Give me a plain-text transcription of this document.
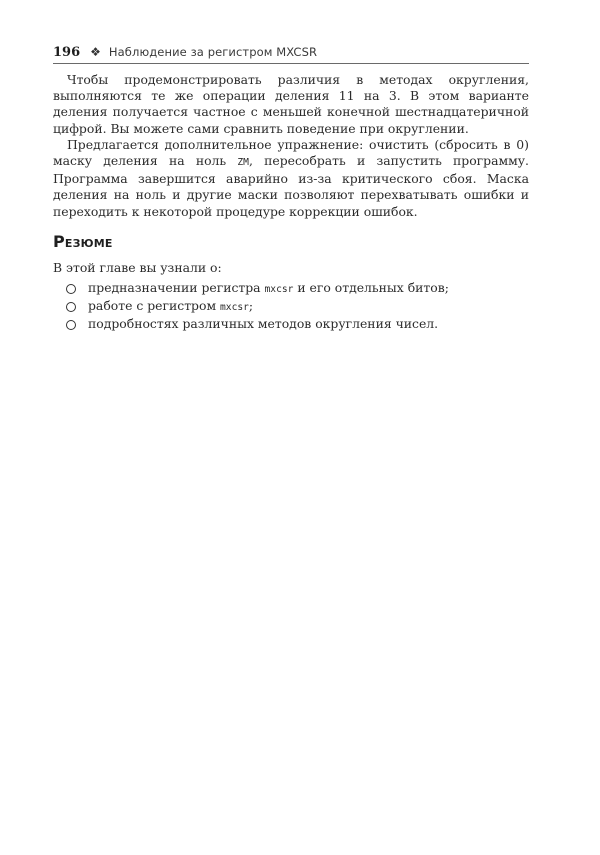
196 ❖ Наблюдение за регистром MXCSR

Чтобы продемонстрировать различия в методах округления, выполняются те же операции деления 11 на 3. В этом варианте деления получается частное с меньшей конечной шестнадцатеричной цифрой. Вы можете сами сравнить поведение при округлении.

Предлагается дополнительное упражнение: очистить (сбросить в 0) маску деления на ноль ZM, пересобрать и запустить программу. Программа завершится аварийно из-за критического сбоя. Маска деления на ноль и другие маски позволяют перехватывать ошибки и переходить к некоторой процедуре коррекции ошибок.

Резюме

В этой главе вы узнали о:

предназначении регистра mxcsr и его отдельных битов;
работе с регистром mxcsr;
подробностях различных методов округления чисел.
